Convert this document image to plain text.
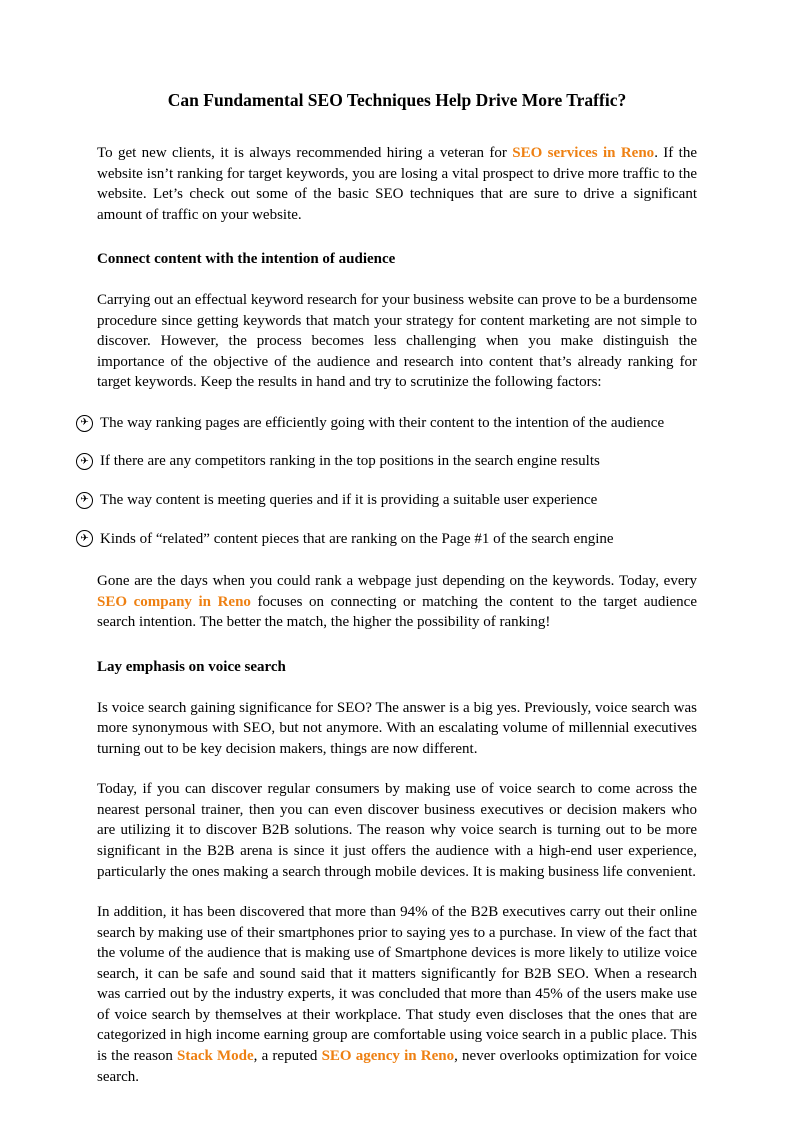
Can Fundamental SEO Techniques Help Drive More Traffic?

To get new clients, it is always recommended hiring a veteran for SEO services in Reno. If the website isn’t ranking for target keywords, you are losing a vital prospect to drive more traffic to the website. Let’s check out some of the basic SEO techniques that are sure to drive a significant amount of traffic on your website.

Connect content with the intention of audience

Carrying out an effectual keyword research for your business website can prove to be a burdensome procedure since getting keywords that match your strategy for content marketing are not simple to discover. However, the process becomes less challenging when you make distinguish the importance of the objective of the audience and research into content that’s already ranking for target keywords. Keep the results in hand and try to scrutinize the following factors:

✈ The way ranking pages are efficiently going with their content to the intention of the audience
✈ If there are any competitors ranking in the top positions in the search engine results
✈ The way content is meeting queries and if it is providing a suitable user experience
✈ Kinds of “related” content pieces that are ranking on the Page #1 of the search engine

Gone are the days when you could rank a webpage just depending on the keywords. Today, every SEO company in Reno focuses on connecting or matching the content to the target audience search intention. The better the match, the higher the possibility of ranking!

Lay emphasis on voice search

Is voice search gaining significance for SEO? The answer is a big yes. Previously, voice search was more synonymous with SEO, but not anymore. With an escalating volume of millennial executives turning out to be key decision makers, things are now different.

Today, if you can discover regular consumers by making use of voice search to come across the nearest personal trainer, then you can even discover business executives or decision makers who are utilizing it to discover B2B solutions. The reason why voice search is turning out to be more significant in the B2B arena is since it just offers the audience with a high-end user experience, particularly the ones making a search through mobile devices. It is making business life convenient.

In addition, it has been discovered that more than 94% of the B2B executives carry out their online search by making use of their smartphones prior to saying yes to a purchase. In view of the fact that the volume of the audience that is making use of Smartphone devices is more likely to utilize voice search, it can be safe and sound said that it matters significantly for B2B SEO. When a research was carried out by the industry experts, it was concluded that more than 45% of the users make use of voice search by themselves at their workplace. That study even discloses that the ones that are categorized in high income earning group are comfortable using voice search in a public place. This is the reason Stack Mode, a reputed SEO agency in Reno, never overlooks optimization for voice search.
